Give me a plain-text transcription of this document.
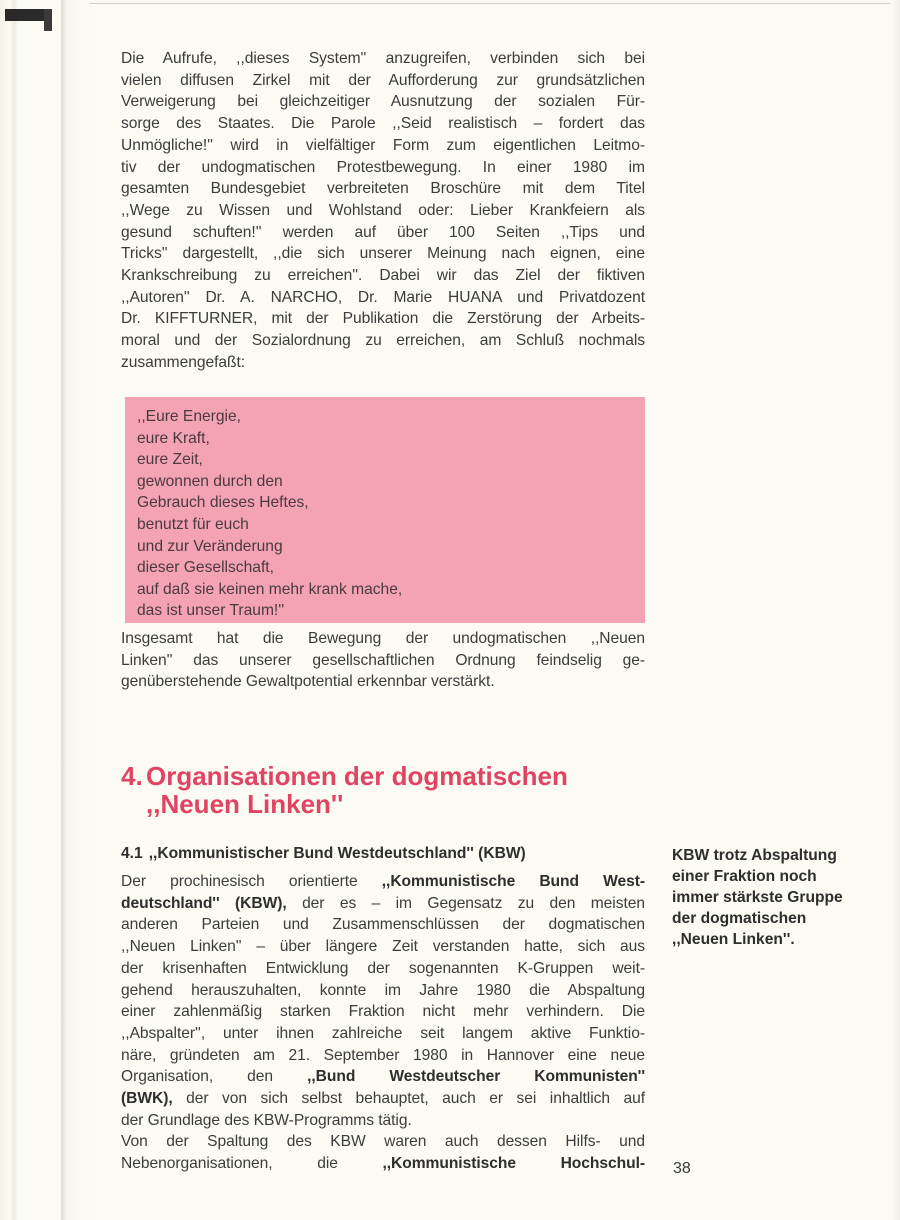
Die Aufrufe, ,,dieses System'' anzugreifen, verbinden sich bei
vielen diffusen Zirkel mit der Aufforderung zur grundsätzlichen
Verweigerung bei gleichzeitiger Ausnutzung der sozialen Für-
sorge des Staates. Die Parole ,,Seid realistisch – fordert das
Unmögliche!'' wird in vielfältiger Form zum eigentlichen Leitmo-
tiv der undogmatischen Protestbewegung. In einer 1980 im
gesamten Bundesgebiet verbreiteten Broschüre mit dem Titel
,,Wege zu Wissen und Wohlstand oder: Lieber Krankfeiern als
gesund schuften!'' werden auf über 100 Seiten ,,Tips und
Tricks'' dargestellt, ,,die sich unserer Meinung nach eignen, eine
Krankschreibung zu erreichen''. Dabei wir das Ziel der fiktiven
,,Autoren'' Dr. A. NARCHO, Dr. Marie HUANA und Privatdozent
Dr. KIFFTURNER, mit der Publikation die Zerstörung der Arbeits-
moral und der Sozialordnung zu erreichen, am Schluß nochmals
zusammengefaßt:
,,Eure Energie,
eure Kraft,
eure Zeit,
gewonnen durch den
Gebrauch dieses Heftes,
benutzt für euch
und zur Veränderung
dieser Gesellschaft,
auf daß sie keinen mehr krank mache,
das ist unser Traum!''
Insgesamt hat die Bewegung der undogmatischen ,,Neuen
Linken'' das unserer gesellschaftlichen Ordnung feindselig ge-
genüberstehende Gewaltpotential erkennbar verstärkt.
4. Organisationen der dogmatischen
,,Neuen Linken''
4.1 ,,Kommunistischer Bund Westdeutschland'' (KBW)
Der prochinesisch orientierte ,,Kommunistische Bund West-
deutschland'' (KBW), der es – im Gegensatz zu den meisten
anderen Parteien und Zusammenschlüssen der dogmatischen
,,Neuen Linken'' – über längere Zeit verstanden hatte, sich aus
der krisenhaften Entwicklung der sogenannten K-Gruppen weit-
gehend herauszuhalten, konnte im Jahre 1980 die Abspaltung
einer zahlenmäßig starken Fraktion nicht mehr verhindern. Die
,,Abspalter'', unter ihnen zahlreiche seit langem aktive Funktio-
näre, gründeten am 21. September 1980 in Hannover eine neue
Organisation, den ,,Bund Westdeutscher Kommunisten''
(BWK), der von sich selbst behauptet, auch er sei inhaltlich auf
der Grundlage des KBW-Programms tätig.
Von der Spaltung des KBW waren auch dessen Hilfs- und
Nebenorganisationen, die ,,Kommunistische Hochschul-
KBW trotz Abspaltung
einer Fraktion noch
immer stärkste Gruppe
der dogmatischen
,,Neuen Linken''.
38
